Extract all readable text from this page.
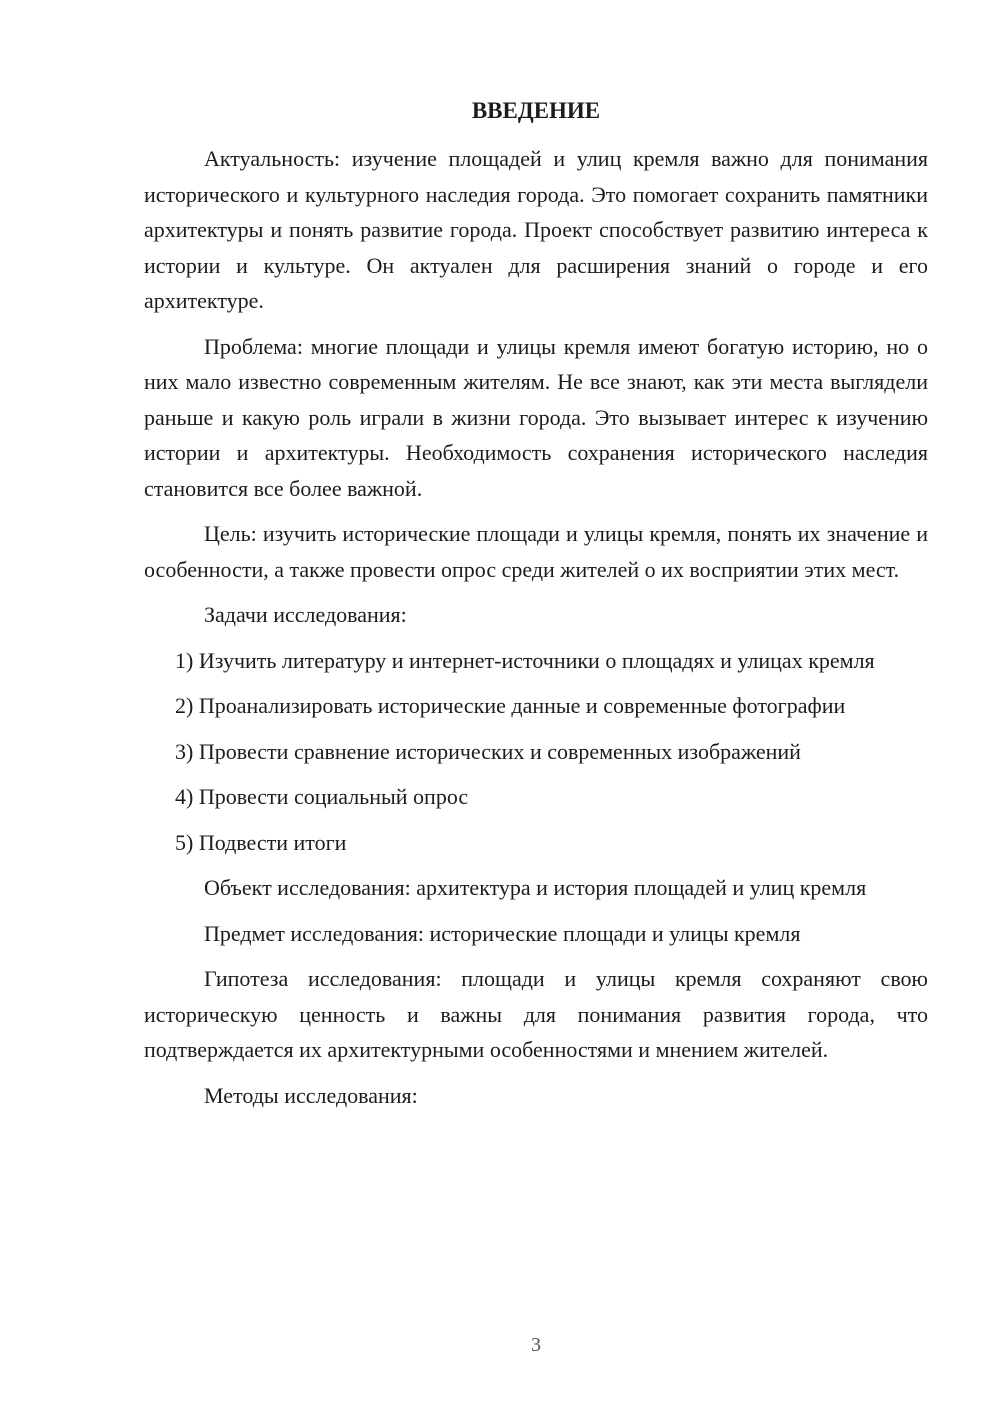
ВВЕДЕНИЕ

Актуальность: изучение площадей и улиц кремля важно для понимания исторического и культурного наследия города. Это помогает сохранить памятники архитектуры и понять развитие города. Проект способствует развитию интереса к истории и культуре. Он актуален для расширения знаний о городе и его архитектуре.

Проблема: многие площади и улицы кремля имеют богатую историю, но о них мало известно современным жителям. Не все знают, как эти места выглядели раньше и какую роль играли в жизни города. Это вызывает интерес к изучению истории и архитектуры. Необходимость сохранения исторического наследия становится все более важной.

Цель: изучить исторические площади и улицы кремля, понять их значение и особенности, а также провести опрос среди жителей о их восприятии этих мест.

Задачи исследования:

1) Изучить литературу и интернет-источники о площадях и улицах кремля

2) Проанализировать исторические данные и современные фотографии

3) Провести сравнение исторических и современных изображений

4) Провести социальный опрос

5) Подвести итоги

Объект исследования: архитектура и история площадей и улиц кремля

Предмет исследования: исторические площади и улицы кремля

Гипотеза исследования: площади и улицы кремля сохраняют свою историческую ценность и важны для понимания развития города, что подтверждается их архитектурными особенностями и мнением жителей.

Методы исследования:

3
